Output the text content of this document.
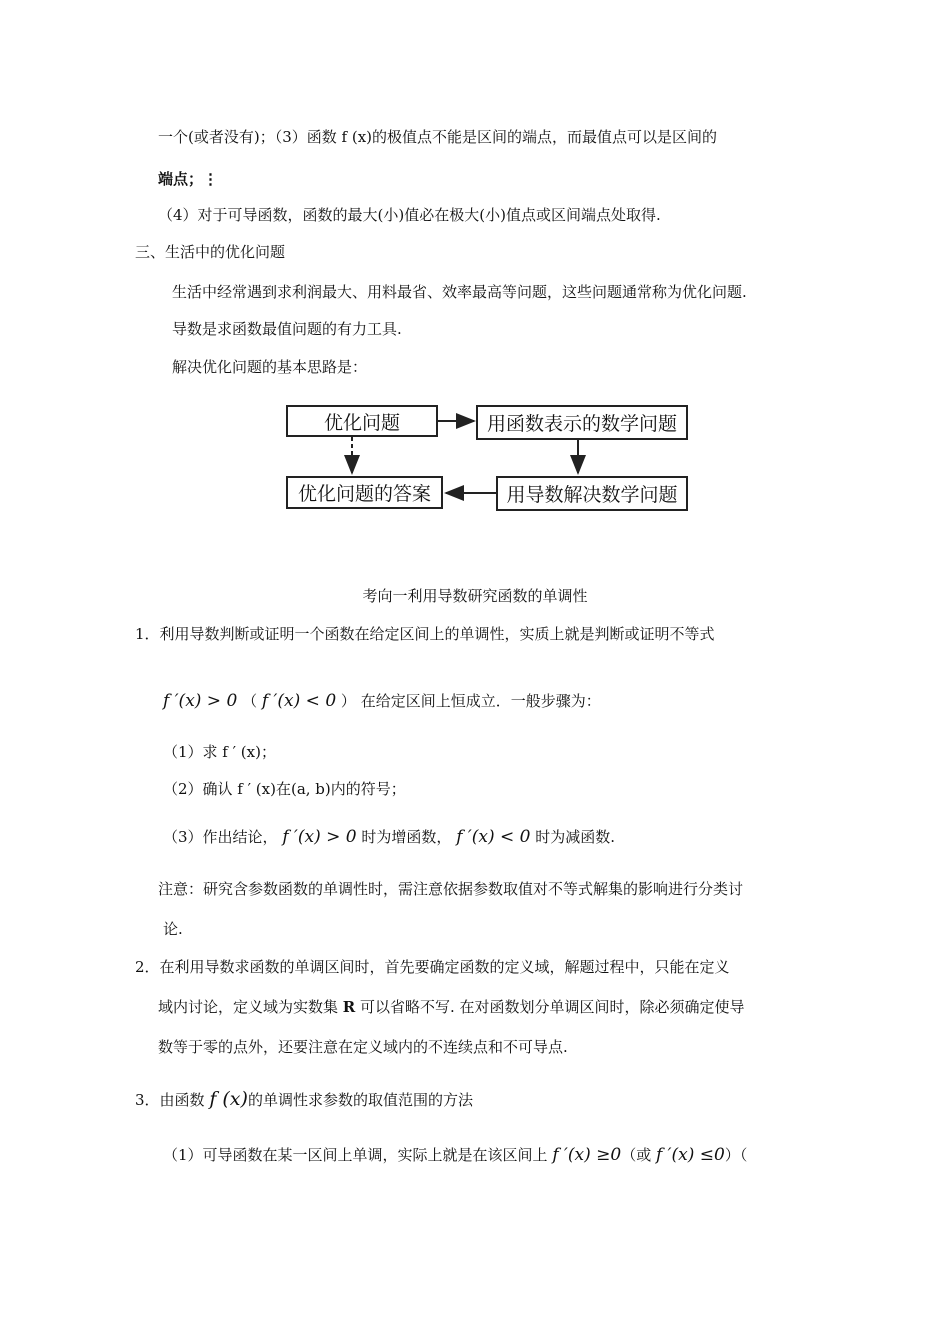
一个(或者没有)；（3）函数 f (x)的极值点不能是区间的端点，而最值点可以是区间的
端点；⋮
（4）对于可导函数，函数的最大(小)值必在极大(小)值点或区间端点处取得.
三、生活中的优化问题
生活中经常遇到求利润最大、用料最省、效率最高等问题，这些问题通常称为优化问题.
导数是求函数最值问题的有力工具.
解决优化问题的基本思路是：
优化问题	用函数表示的数学问题
用导数解决数学问题
优化问题的答案
考向一利用导数研究函数的单调性
1．利用导数判断或证明一个函数在给定区间上的单调性，实质上就是判断或证明不等式
f ′(x) > 0 （ f ′(x) < 0 ） 在给定区间上恒成立．一般步骤为：
（1）求 f ′ (x)；
（2）确认 f ′ (x)在(a, b)内的符号；
（3）作出结论， f ′(x) > 0 时为增函数， f ′(x) < 0 时为减函数.
注意：研究含参数函数的单调性时，需注意依据参数取值对不等式解集的影响进行分类讨
论.
2．在利用导数求函数的单调区间时，首先要确定函数的定义域，解题过程中，只能在定义
域内讨论，定义域为实数集 R 可以省略不写. 在对函数划分单调区间时，除必须确定使导
数等于零的点外，还要注意在定义域内的不连续点和不可导点.
3．由函数 f (x)的单调性求参数的取值范围的方法
（1）可导函数在某一区间上单调，实际上就是在该区间上 f ′(x) ≥0（或 f ′(x) ≤0）（
